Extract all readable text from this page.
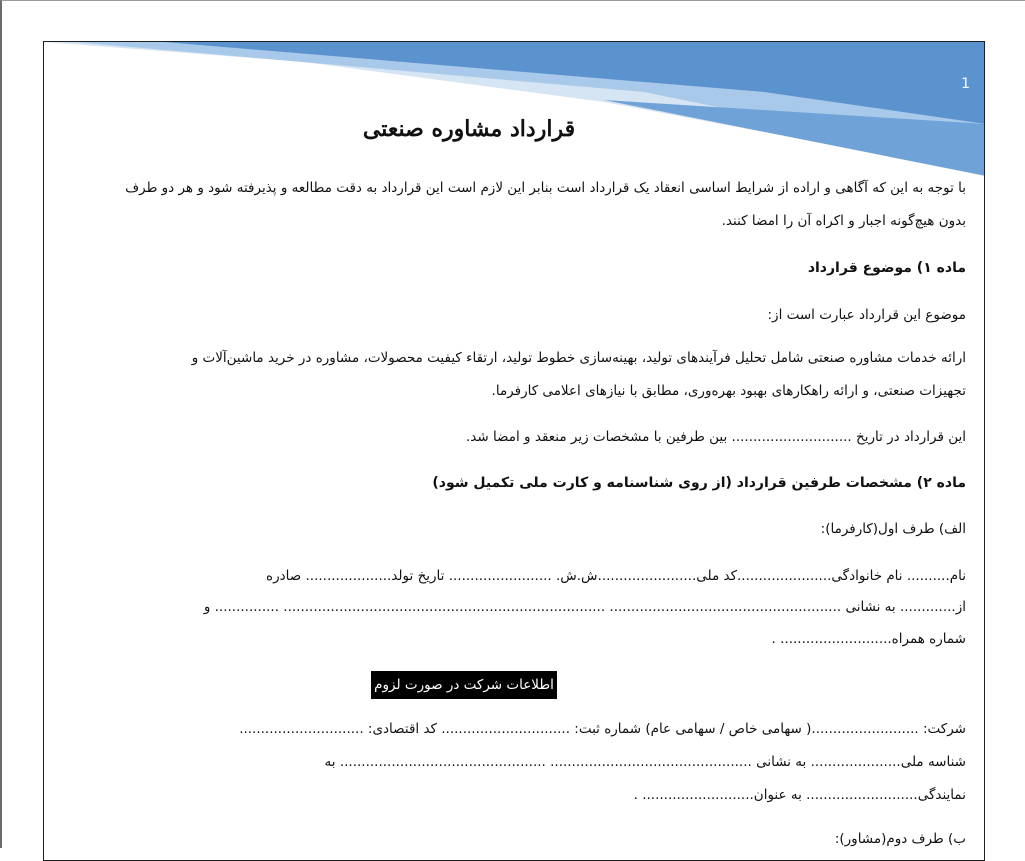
1
قرارداد مشاوره صنعتی
با توجه به این که آگاهی و اراده از شرایط اساسی انعقاد یک قرارداد است بنابر این لازم است این قرارداد به دقت مطالعه و پذیرفته شود و هر دو طرف
بدون هیچ‌گونه اجبار و اکراه آن را امضا کنند.
ماده ۱) موضوع قرارداد
موضوع این قرارداد عبارت است از:
ارائه خدمات مشاوره صنعتی شامل تحلیل فرآیندهای تولید، بهینه‌سازی خطوط تولید، ارتقاء کیفیت محصولات، مشاوره در خرید ماشین‌آلات و
تجهیزات صنعتی، و ارائه راهکارهای بهبود بهره‌وری، مطابق با نیازهای اعلامی کارفرما.
این قرارداد در تاریخ ............................ بین طرفین با مشخصات زیر منعقد و امضا شد.
ماده ۲) مشخصات طرفین قرارداد (از روی شناسنامه و کارت ملی تکمیل شود)
الف) طرف اول(کارفرما):
نام.......... نام خانوادگی......................کد ملی.......................ش.ش. ........................ تاریخ تولد.................... صادره
از............. به نشانی ...................................................... ........................................................................... ............... و
شماره همراه.......................... .
اطلاعات شرکت در صورت لزوم
شرکت: .........................( سهامی خاص / سهامی عام) شماره ثبت: .............................. کد اقتصادی: .............................
شناسه ملی..................... به نشانی ............................................... ................................................ به
نمایندگی.......................... به عنوان.......................... .
ب) طرف دوم(مشاور):
